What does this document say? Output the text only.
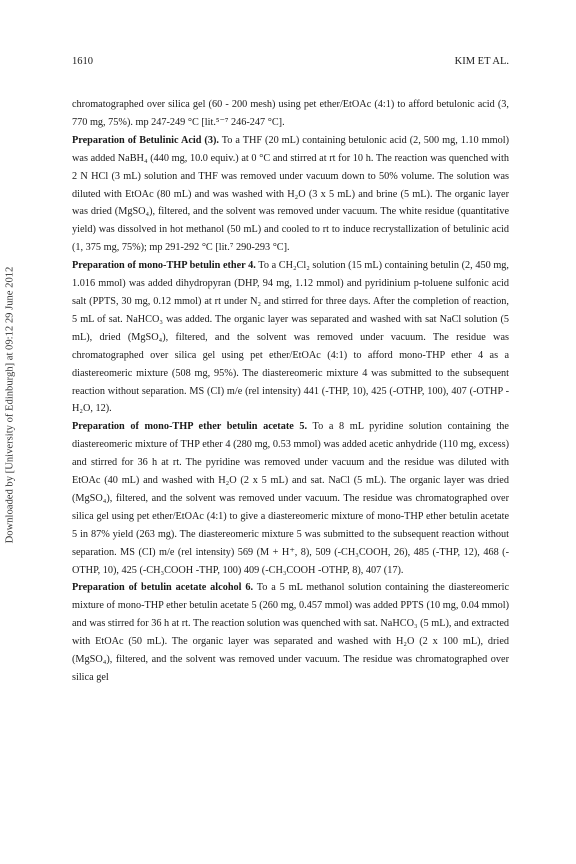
1610	KIM ET AL.
Downloaded by [University of Edinburgh] at 09:12 29 June 2012

chromatographed over silica gel (60 - 200 mesh) using pet ether/EtOAc (4:1) to afford betulonic acid (3, 770 mg, 75%). mp 247-249 °C [lit.⁵⁻⁷ 246-247 °C].

Preparation of Betulinic Acid (3). To a THF (20 mL) containing betulonic acid (2, 500 mg, 1.10 mmol) was added NaBH₄ (440 mg, 10.0 equiv.) at 0 °C and stirred at rt for 10 h. The reaction was quenched with 2 N HCl (3 mL) solution and THF was removed under vacuum down to 50% volume. The solution was diluted with EtOAc (80 mL) and was washed with H₂O (3 x 5 mL) and brine (5 mL). The organic layer was dried (MgSO₄), filtered, and the solvent was removed under vacuum. The white residue (quantitative yield) was dissolved in hot methanol (50 mL) and cooled to rt to induce recrystallization of betulinic acid (1, 375 mg, 75%); mp 291-292 °C [lit.⁷ 290-293 °C].

Preparation of mono-THP betulin ether 4. To a CH₂Cl₂ solution (15 mL) containing betulin (2, 450 mg, 1.016 mmol) was added dihydropyran (DHP, 94 mg, 1.12 mmol) and pyridinium p-toluene sulfonic acid salt (PPTS, 30 mg, 0.12 mmol) at rt under N₂ and stirred for three days. After the completion of reaction, 5 mL of sat. NaHCO₃ was added. The organic layer was separated and washed with sat NaCl solution (5 mL), dried (MgSO₄), filtered, and the solvent was removed under vacuum. The residue was chromatographed over silica gel using pet ether/EtOAc (4:1) to afford mono-THP ether 4 as a diastereomeric mixture (508 mg, 95%). The diastereomeric mixture 4 was submitted to the subsequent reaction without separation. MS (CI) m/e (rel intensity) 441 (-THP, 10), 425 (-OTHP, 100), 407 (-OTHP -H₂O, 12).

Preparation of mono-THP ether betulin acetate 5. To a 8 mL pyridine solution containing the diastereomeric mixture of THP ether 4 (280 mg, 0.53 mmol) was added acetic anhydride (110 mg, excess) and stirred for 36 h at rt. The pyridine was removed under vacuum and the residue was diluted with EtOAc (40 mL) and washed with H₂O (2 x 5 mL) and sat. NaCl (5 mL). The organic layer was dried (MgSO₄), filtered, and the solvent was removed under vacuum. The residue was chromatographed over silica gel using pet ether/EtOAc (4:1) to give a diastereomeric mixture of mono-THP ether betulin acetate 5 in 87% yield (263 mg). The diastereomeric mixture 5 was submitted to the subsequent reaction without separation. MS (CI) m/e (rel intensity) 569 (M + H⁺, 8), 509 (-CH₃COOH, 26), 485 (-THP, 12), 468 (-OTHP, 10), 425 (-CH₃COOH -THP, 100) 409 (-CH₃COOH -OTHP, 8), 407 (17).

Preparation of betulin acetate alcohol 6. To a 5 mL methanol solution containing the diastereomeric mixture of mono-THP ether betulin acetate 5 (260 mg, 0.457 mmol) was added PPTS (10 mg, 0.04 mmol) and was stirred for 36 h at rt. The reaction solution was quenched with sat. NaHCO₃ (5 mL), and extracted with EtOAc (50 mL). The organic layer was separated and washed with H₂O (2 x 100 mL), dried (MgSO₄), filtered, and the solvent was removed under vacuum. The residue was chromatographed over silica gel
